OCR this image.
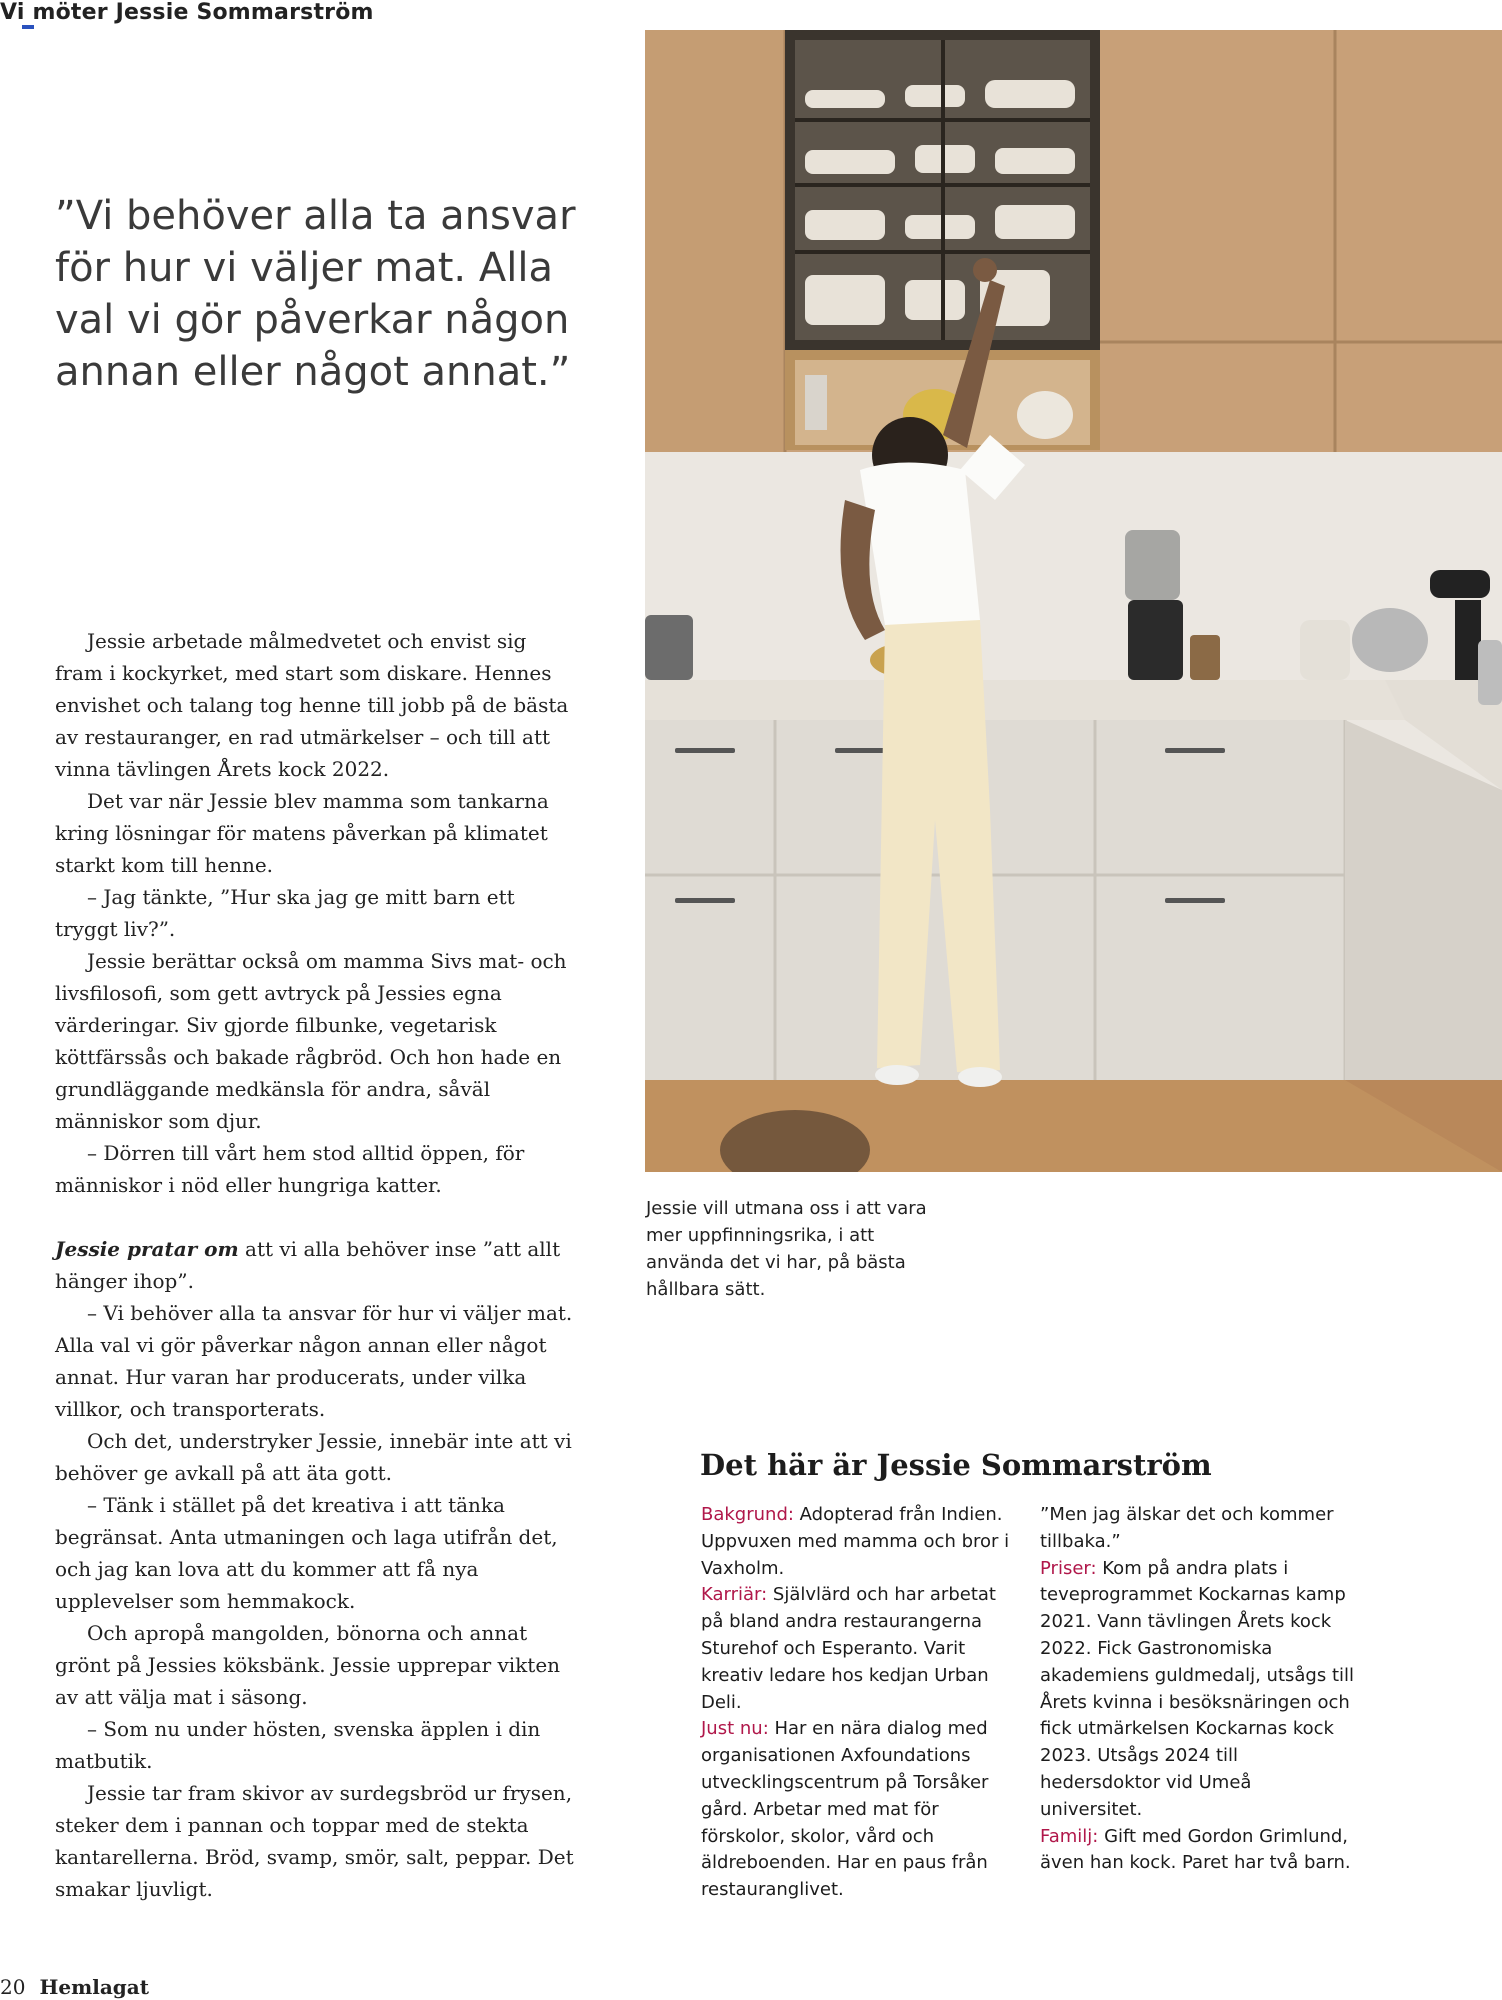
Vi möter Jessie Sommarström

”Vi behöver alla ta ansvar för hur vi väljer mat. Alla val vi gör påverkar någon annan eller något annat.”

Jessie arbetade målmedvetet och envist sig fram i kockyrket, med start som diskare. Hennes envishet och talang tog henne till jobb på de bästa av restauranger, en rad utmärkelser – och till att vinna tävlingen Årets kock 2022.

Det var när Jessie blev mamma som tankarna kring lösningar för matens påverkan på klimatet starkt kom till henne.

– Jag tänkte, ”Hur ska jag ge mitt barn ett tryggt liv?”.

Jessie berättar också om mamma Sivs mat- och livsfilosofi, som gett avtryck på Jessies egna värderingar. Siv gjorde filbunke, vegetarisk köttfärssås och bakade rågbröd. Och hon hade en grundläggande medkänsla för andra, såväl människor som djur.

– Dörren till vårt hem stod alltid öppen, för människor i nöd eller hungriga katter.

Jessie pratar om att vi alla behöver inse ”att allt hänger ihop”.

– Vi behöver alla ta ansvar för hur vi väljer mat. Alla val vi gör påverkar någon annan eller något annat. Hur varan har producerats, under vilka villkor, och transporterats.

Och det, understryker Jessie, innebär inte att vi behöver ge avkall på att äta gott.

– Tänk i stället på det kreativa i att tänka begränsat. Anta utmaningen och laga utifrån det, och jag kan lova att du kommer att få nya upplevelser som hemmakock.

Och apropå mangolden, bönorna och annat grönt på Jessies köksbänk. Jessie upprepar vikten av att välja mat i säsong.

– Som nu under hösten, svenska äpplen i din matbutik.

Jessie tar fram skivor av surdegsbröd ur frysen, steker dem i pannan och toppar med de stekta kantarellerna. Bröd, svamp, smör, salt, peppar. Det smakar ljuvligt.

Jessie vill utmana oss i att vara mer uppfinningsrika, i att använda det vi har, på bästa hållbara sätt.
Det här är Jessie Sommarström

Bakgrund: Adopterad från Indien. Uppvuxen med mamma och bror i Vaxholm.

Karriär: Självlärd och har arbetat på bland andra restaurangerna Sturehof och Esperanto. Varit kreativ ledare hos kedjan Urban Deli.

Just nu: Har en nära dialog med organisationen Axfoundations utvecklingscentrum på Torsåker gård. Arbetar med mat för förskolor, skolor, vård och äldreboenden. Har en paus från restauranglivet.

”Men jag älskar det och kommer tillbaka.”

Priser: Kom på andra plats i teveprogrammet Kockarnas kamp 2021. Vann tävlingen Årets kock 2022. Fick Gastronomiska akademiens guldmedalj, utsågs till Årets kvinna i besöksnäringen och fick utmärkelsen Kockarnas kock 2023. Utsågs 2024 till hedersdoktor vid Umeå universitet.

Familj: Gift med Gordon Grimlund, även han kock. Paret har två barn.

20 Hemlagat
